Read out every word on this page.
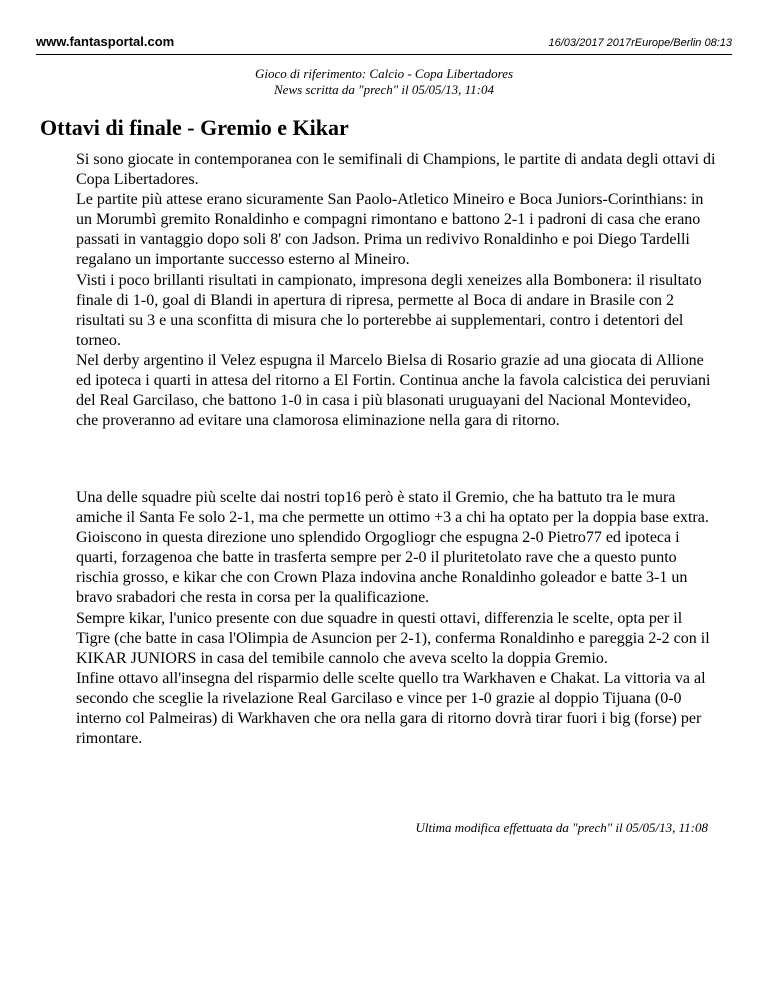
www.fantasportal.com	16/03/2017 2017rEurope/Berlin 08:13
Gioco di riferimento: Calcio - Copa Libertadores
News scritta da "prech" il 05/05/13, 11:04
Ottavi di finale - Gremio e Kikar

Si sono giocate in contemporanea con le semifinali di Champions, le partite di andata degli ottavi di Copa Libertadores.

Le partite più attese erano sicuramente San Paolo-Atletico Mineiro e Boca Juniors-Corinthians: in un Morumbì gremito Ronaldinho e compagni rimontano e battono 2-1 i padroni di casa che erano passati in vantaggio dopo soli 8' con Jadson. Prima un redivivo Ronaldinho e poi Diego Tardelli regalano un importante successo esterno al Mineiro.

Visti i poco brillanti risultati in campionato, impresona degli xeneizes alla Bombonera: il risultato finale di 1-0, goal di Blandi in apertura di ripresa, permette al Boca di andare in Brasile con 2 risultati su 3 e una sconfitta di misura che lo porterebbe ai supplementari, contro i detentori del torneo.

Nel derby argentino il Velez espugna il Marcelo Bielsa di Rosario grazie ad una giocata di Allione ed ipoteca i quarti in attesa del ritorno a El Fortin. Continua anche la favola calcistica dei peruviani del Real Garcilaso, che battono 1-0 in casa i più blasonati uruguayani del Nacional Montevideo, che proveranno ad evitare una clamorosa eliminazione nella gara di ritorno.

Una delle squadre più scelte dai nostri top16 però è stato il Gremio, che ha battuto tra le mura amiche il Santa Fe solo 2-1, ma che permette un ottimo +3 a chi ha optato per la doppia base extra. Gioiscono in questa direzione uno splendido Orgogliogr che espugna 2-0 Pietro77 ed ipoteca i quarti, forzagenoa che batte in trasferta sempre per 2-0 il pluritetolato rave che a questo punto rischia grosso, e kikar che con Crown Plaza indovina anche Ronaldinho goleador e batte 3-1 un bravo srabadori che resta in corsa per la qualificazione.

Sempre kikar, l'unico presente con due squadre in questi ottavi, differenzia le scelte, opta per il Tigre (che batte in casa l'Olimpia de Asuncion per 2-1), conferma Ronaldinho e pareggia 2-2 con il KIKAR JUNIORS in casa del temibile cannolo che aveva scelto la doppia Gremio.

Infine ottavo all'insegna del risparmio delle scelte quello tra Warkhaven e Chakat. La vittoria va al secondo che sceglie la rivelazione Real Garcilaso e vince per 1-0 grazie al doppio Tijuana (0-0 interno col Palmeiras) di Warkhaven che ora nella gara di ritorno dovrà tirar fuori i big (forse) per rimontare.

Ultima modifica effettuata da "prech" il 05/05/13, 11:08
